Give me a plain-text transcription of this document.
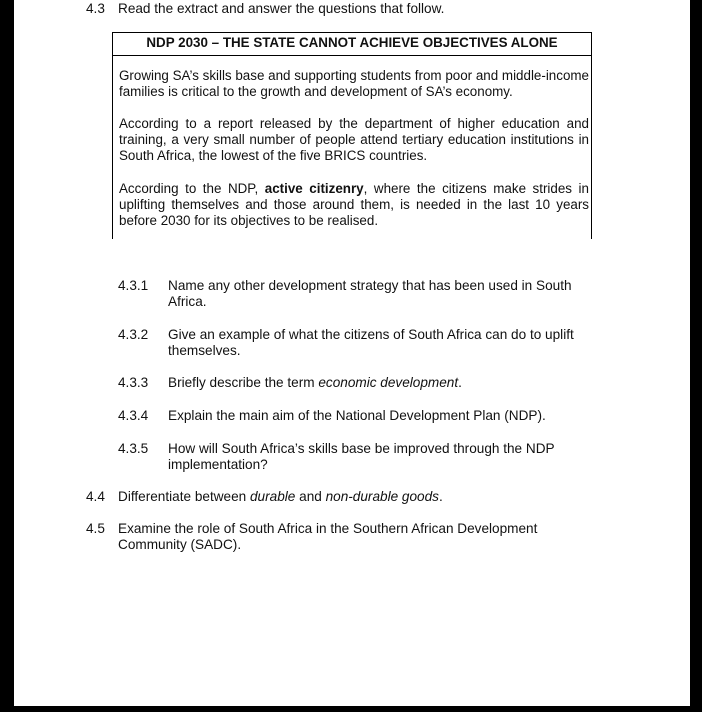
4.3 Read the extract and answer the questions that follow.
NDP 2030 – THE STATE CANNOT ACHIEVE OBJECTIVES ALONE
Growing SA’s skills base and supporting students from poor and middle-income families is critical to the growth and development of SA’s economy.
According to a report released by the department of higher education and training, a very small number of people attend tertiary education institutions in South Africa, the lowest of the five BRICS countries.
According to the NDP, active citizenry, where the citizens make strides in uplifting themselves and those around them, is needed in the last 10 years before 2030 for its objectives to be realised.
4.3.1	Name any other development strategy that has been used in South Africa.
4.3.2	Give an example of what the citizens of South Africa can do to uplift themselves.
4.3.3	Briefly describe the term economic development.
4.3.4	Explain the main aim of the National Development Plan (NDP).
4.3.5	How will South Africa’s skills base be improved through the NDP implementation?
4.4 Differentiate between durable and non-durable goods.
4.5 Examine the role of South Africa in the Southern African Development Community (SADC).
